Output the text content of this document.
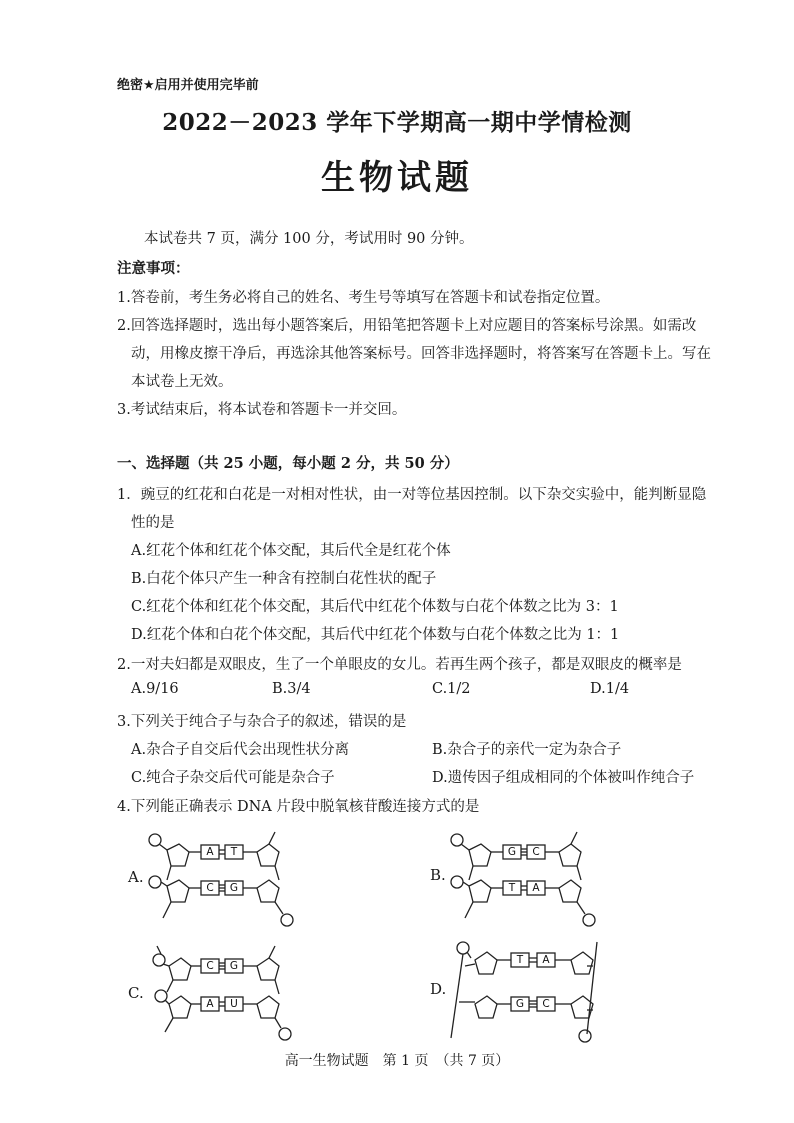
绝密★启用并使用完毕前
2022－2023 学年下学期高一期中学情检测
生物试题
本试卷共 7 页，满分 100 分，考试用时 90 分钟。
注意事项：
1.答卷前，考生务必将自己的姓名、考生号等填写在答题卡和试卷指定位置。
2.回答选择题时，选出每小题答案后，用铅笔把答题卡上对应题目的答案标号涂黑。如需改
动，用橡皮擦干净后，再选涂其他答案标号。回答非选择题时，将答案写在答题卡上。写在
本试卷上无效。
3.考试结束后，将本试卷和答题卡一并交回。
一、选择题（共 25 小题，每小题 2 分，共 50 分）
1．豌豆的红花和白花是一对相对性状，由一对等位基因控制。以下杂交实验中，能判断显隐
性的是
A.红花个体和红花个体交配，其后代全是红花个体
B.白花个体只产生一种含有控制白花性状的配子
C.红花个体和红花个体交配，其后代中红花个体数与白花个体数之比为 3：1
D.红花个体和白花个体交配，其后代中红花个体数与白花个体数之比为 1：1
2.一对夫妇都是双眼皮，生了一个单眼皮的女儿。若再生两个孩子，都是双眼皮的概率是
A.9/16	B.3/4	C.1/2	D.1/4
3.下列关于纯合子与杂合子的叙述，错误的是
A.杂合子自交后代会出现性状分离	B.杂合子的亲代一定为杂合子
C.纯合子杂交后代可能是杂合子	D.遗传因子组成相同的个体被叫作纯合子
4.下列能正确表示 DNA 片段中脱氧核苷酸连接方式的是
A.
A T
C G
B.
G C
T A
C.
C G
A U
D.
T A
G C
高一生物试题　第 1 页　（共 7 页）
